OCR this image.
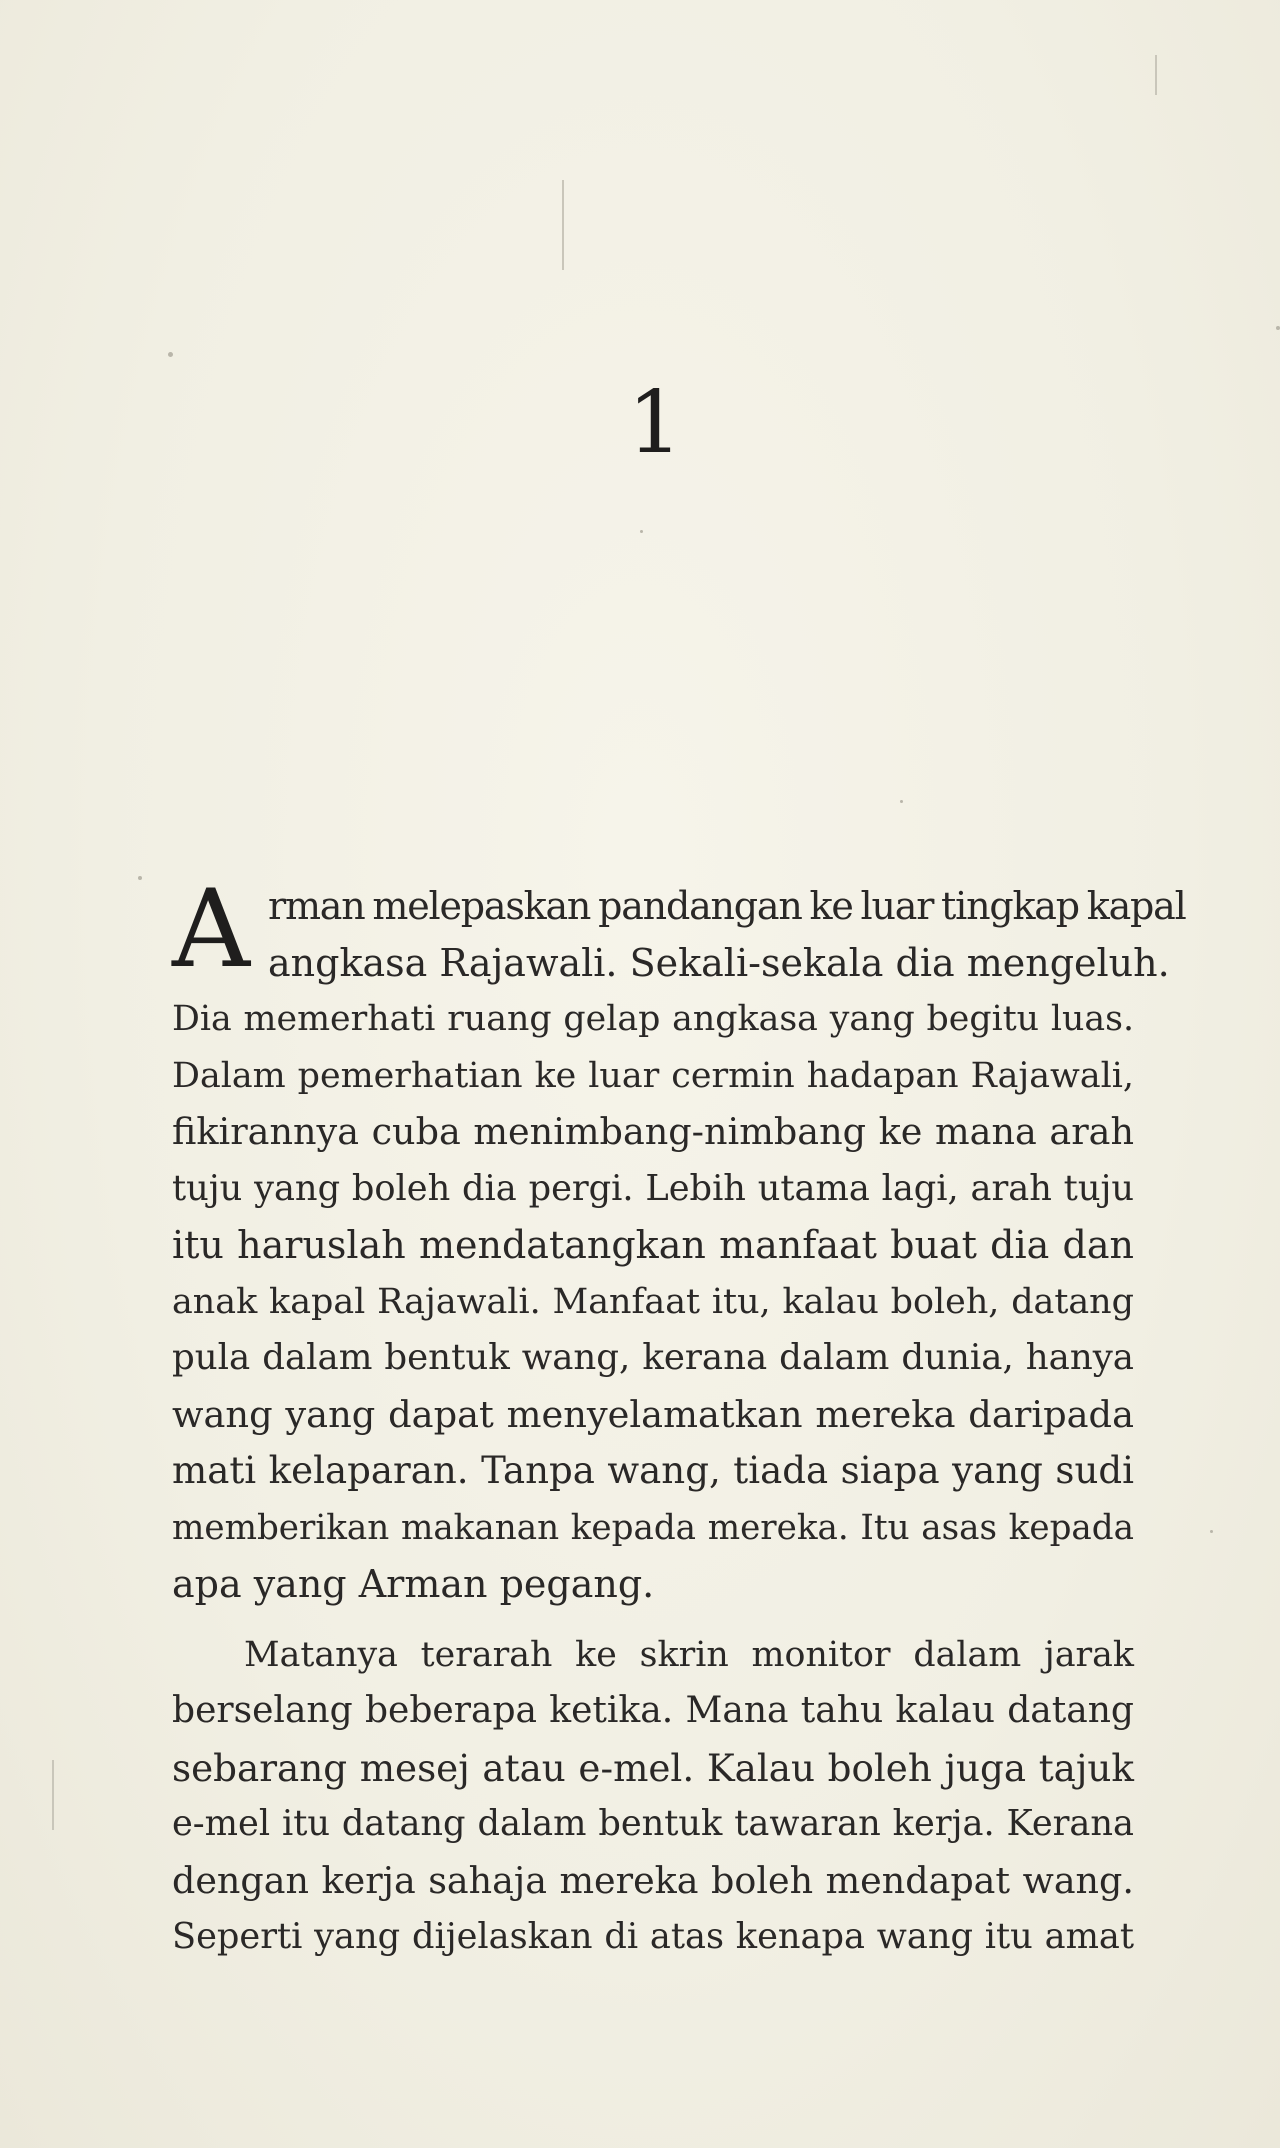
1
A rman melepaskan pandangan ke luar tingkap kapal
angkasa Rajawali. Sekali-sekala dia mengeluh.
Dia memerhati ruang gelap angkasa yang begitu luas.
Dalam pemerhatian ke luar cermin hadapan Rajawali,
fikirannya cuba menimbang-nimbang ke mana arah
tuju yang boleh dia pergi. Lebih utama lagi, arah tuju
itu haruslah mendatangkan manfaat buat dia dan
anak kapal Rajawali. Manfaat itu, kalau boleh, datang
pula dalam bentuk wang, kerana dalam dunia, hanya
wang yang dapat menyelamatkan mereka daripada
mati kelaparan. Tanpa wang, tiada siapa yang sudi
memberikan makanan kepada mereka. Itu asas kepada
apa yang Arman pegang.
Matanya terarah ke skrin monitor dalam jarak
berselang beberapa ketika. Mana tahu kalau datang
sebarang mesej atau e-mel. Kalau boleh juga tajuk
e-mel itu datang dalam bentuk tawaran kerja. Kerana
dengan kerja sahaja mereka boleh mendapat wang.
Seperti yang dijelaskan di atas kenapa wang itu amat
